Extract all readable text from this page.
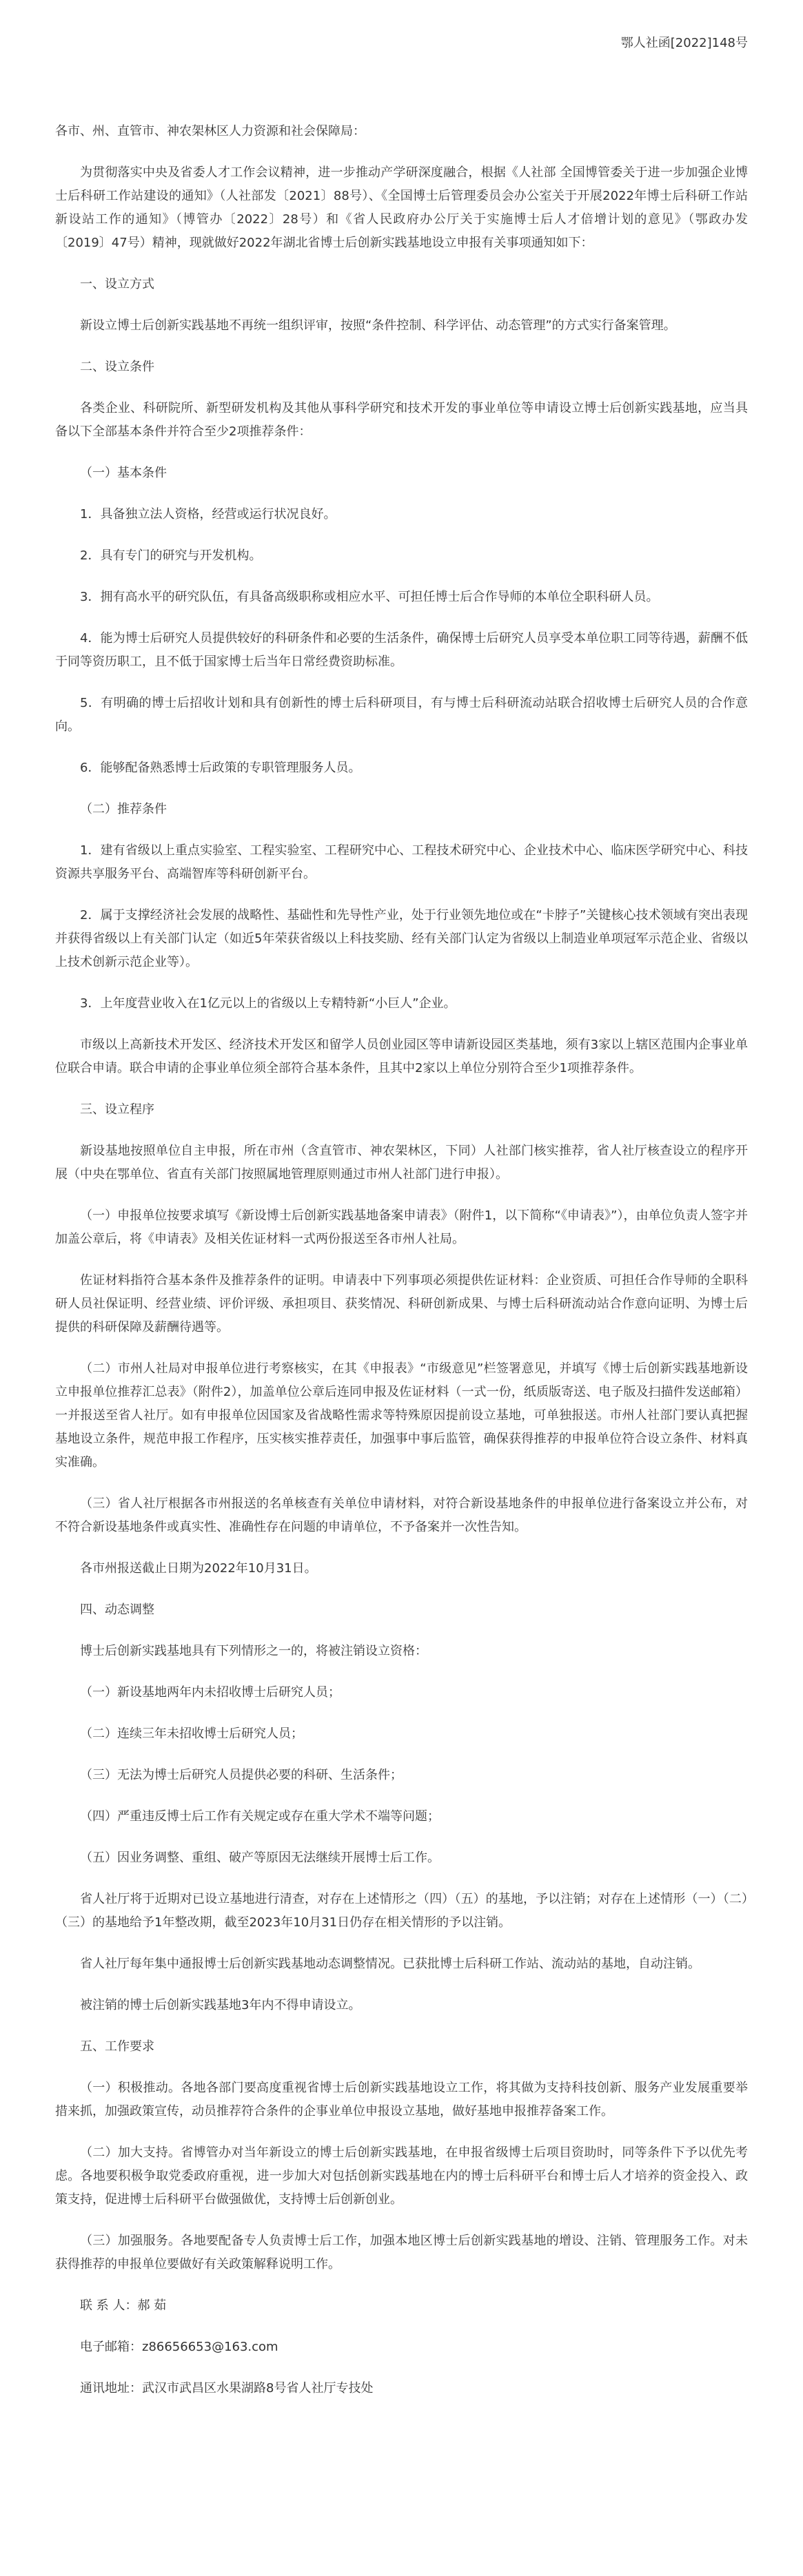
鄂人社函[2022]148号
各市、州、直管市、神农架林区人力资源和社会保障局：

为贯彻落实中央及省委人才工作会议精神，进一步推动产学研深度融合，根据《人社部 全国博管委关于进一步加强企业博士后科研工作站建设的通知》（人社部发〔2021〕88号）、《全国博士后管理委员会办公室关于开展2022年博士后科研工作站新设站工作的通知》（博管办〔2022〕28号）和《省人民政府办公厅关于实施博士后人才倍增计划的意见》（鄂政办发〔2019〕47号）精神，现就做好2022年湖北省博士后创新实践基地设立申报有关事项通知如下：

一、设立方式

新设立博士后创新实践基地不再统一组织评审，按照“条件控制、科学评估、动态管理”的方式实行备案管理。

二、设立条件

各类企业、科研院所、新型研发机构及其他从事科学研究和技术开发的事业单位等申请设立博士后创新实践基地，应当具备以下全部基本条件并符合至少2项推荐条件：

（一）基本条件

1．具备独立法人资格，经营或运行状况良好。

2．具有专门的研究与开发机构。

3．拥有高水平的研究队伍，有具备高级职称或相应水平、可担任博士后合作导师的本单位全职科研人员。

4．能为博士后研究人员提供较好的科研条件和必要的生活条件，确保博士后研究人员享受本单位职工同等待遇，薪酬不低于同等资历职工，且不低于国家博士后当年日常经费资助标准。

5．有明确的博士后招收计划和具有创新性的博士后科研项目，有与博士后科研流动站联合招收博士后研究人员的合作意向。

6．能够配备熟悉博士后政策的专职管理服务人员。

（二）推荐条件

1．建有省级以上重点实验室、工程实验室、工程研究中心、工程技术研究中心、企业技术中心、临床医学研究中心、科技资源共享服务平台、高端智库等科研创新平台。

2．属于支撑经济社会发展的战略性、基础性和先导性产业，处于行业领先地位或在“卡脖子”关键核心技术领域有突出表现并获得省级以上有关部门认定（如近5年荣获省级以上科技奖励、经有关部门认定为省级以上制造业单项冠军示范企业、省级以上技术创新示范企业等）。

3．上年度营业收入在1亿元以上的省级以上专精特新“小巨人”企业。

市级以上高新技术开发区、经济技术开发区和留学人员创业园区等申请新设园区类基地，须有3家以上辖区范围内企事业单位联合申请。联合申请的企事业单位须全部符合基本条件，且其中2家以上单位分别符合至少1项推荐条件。

三、设立程序

新设基地按照单位自主申报，所在市州（含直管市、神农架林区，下同）人社部门核实推荐，省人社厅核查设立的程序开展（中央在鄂单位、省直有关部门按照属地管理原则通过市州人社部门进行申报）。

（一）申报单位按要求填写《新设博士后创新实践基地备案申请表》（附件1，以下简称“《申请表》”），由单位负责人签字并加盖公章后，将《申请表》及相关佐证材料一式两份报送至各市州人社局。

佐证材料指符合基本条件及推荐条件的证明。申请表中下列事项必须提供佐证材料：企业资质、可担任合作导师的全职科研人员社保证明、经营业绩、评价评级、承担项目、获奖情况、科研创新成果、与博士后科研流动站合作意向证明、为博士后提供的科研保障及薪酬待遇等。

（二）市州人社局对申报单位进行考察核实，在其《申报表》“市级意见”栏签署意见，并填写《博士后创新实践基地新设立申报单位推荐汇总表》（附件2），加盖单位公章后连同申报及佐证材料（一式一份，纸质版寄送、电子版及扫描件发送邮箱）一并报送至省人社厅。如有申报单位因国家及省战略性需求等特殊原因提前设立基地，可单独报送。市州人社部门要认真把握基地设立条件，规范申报工作程序，压实核实推荐责任，加强事中事后监管，确保获得推荐的申报单位符合设立条件、材料真实准确。

（三）省人社厅根据各市州报送的名单核查有关单位申请材料，对符合新设基地条件的申报单位进行备案设立并公布，对不符合新设基地条件或真实性、准确性存在问题的申请单位，不予备案并一次性告知。

各市州报送截止日期为2022年10月31日。

四、动态调整

博士后创新实践基地具有下列情形之一的，将被注销设立资格：

（一）新设基地两年内未招收博士后研究人员；

（二）连续三年未招收博士后研究人员；

（三）无法为博士后研究人员提供必要的科研、生活条件；

（四）严重违反博士后工作有关规定或存在重大学术不端等问题；

（五）因业务调整、重组、破产等原因无法继续开展博士后工作。

省人社厅将于近期对已设立基地进行清查，对存在上述情形之（四）（五）的基地，予以注销；对存在上述情形（一）（二）（三）的基地给予1年整改期，截至2023年10月31日仍存在相关情形的予以注销。

省人社厅每年集中通报博士后创新实践基地动态调整情况。已获批博士后科研工作站、流动站的基地，自动注销。

被注销的博士后创新实践基地3年内不得申请设立。

五、工作要求

（一）积极推动。各地各部门要高度重视省博士后创新实践基地设立工作，将其做为支持科技创新、服务产业发展重要举措来抓，加强政策宣传，动员推荐符合条件的企事业单位申报设立基地，做好基地申报推荐备案工作。

（二）加大支持。省博管办对当年新设立的博士后创新实践基地，在申报省级博士后项目资助时，同等条件下予以优先考虑。各地要积极争取党委政府重视，进一步加大对包括创新实践基地在内的博士后科研平台和博士后人才培养的资金投入、政策支持，促进博士后科研平台做强做优，支持博士后创新创业。

（三）加强服务。各地要配备专人负责博士后工作，加强本地区博士后创新实践基地的增设、注销、管理服务工作。对未获得推荐的申报单位要做好有关政策解释说明工作。

联 系 人：郝 茹

电子邮箱：z86656653@163.com

通讯地址：武汉市武昌区水果湖路8号省人社厅专技处
